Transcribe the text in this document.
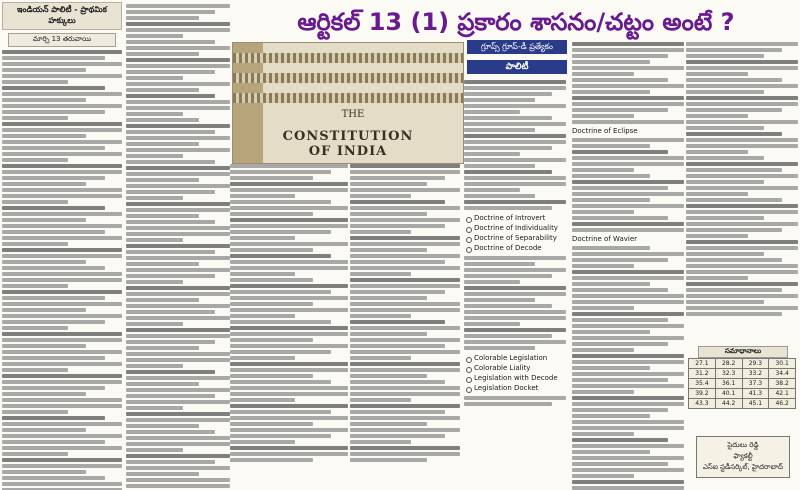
ఇండియన్ పాలిటీ - ప్రాథమిక హక్కులు
మార్చి 13 తరువాయి
ఆర్టికల్ 13 (1) ప్రకారం శాసనం/చట్టం అంటే ?
గ్రూప్స్ గ్రూప్-డీ ప్రత్యేకం
పాలిటీ
THE
CONSTITUTION OF INDIA
Doctrine of Introvert
Doctrine of Individuality
Doctrine of Separability
Doctrine of Decode
Colorable Legislation
Colorable Liality
Legislation with Decode
Legislation Docket
Doctrine of Eclipse
Doctrine of Wavier
సమాధానాలు
27.1	28.2	29.3	30.1
31.2	32.3	33.2	34.4
35.4	36.1	37.3	38.2
39.2	40.1	41.3	42.1
43.3	44.2	45.1	46.2
సైదులు రెడ్డి
ఫ్యాకల్టీ
ఎస్‌ఐ స్టడీసర్కిల్, హైదరాబాద్
